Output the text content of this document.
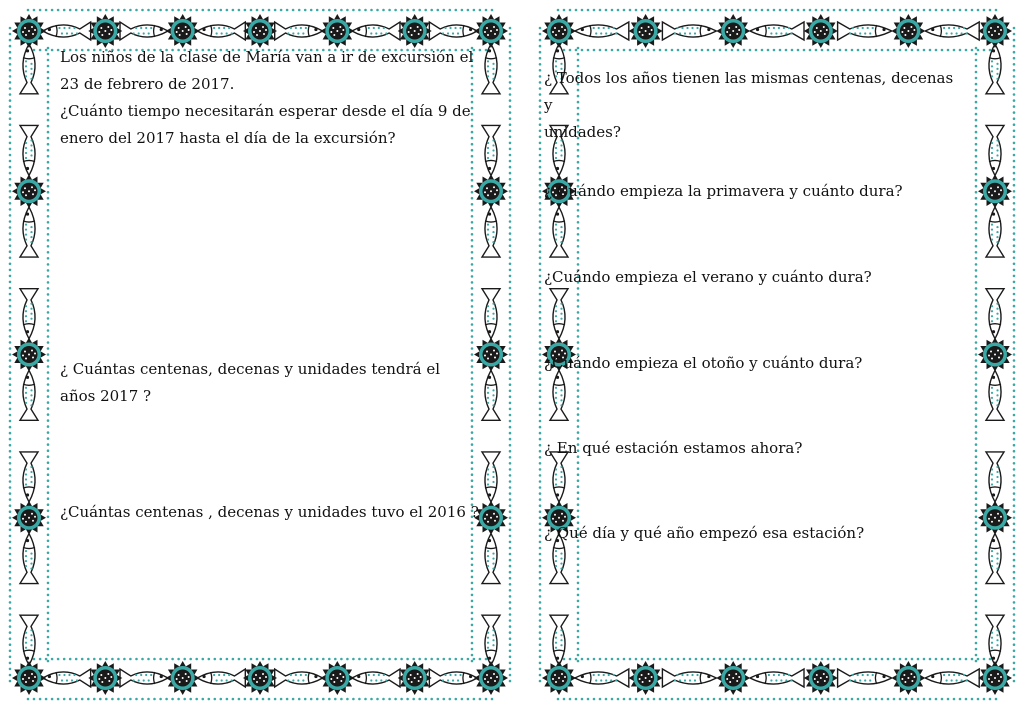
Los niños de la clase de María van a ir de excursión el
23 de febrero de 2017.
¿Cuánto tiempo necesitarán esperar desde el día 9 de
enero del 2017 hasta el día de la excursión?

¿ Cuántas centenas, decenas y unidades tendrá el
años 2017 ?

¿Cuántas centenas , decenas y unidades tuvo el 2016 ?

¿ Todos los años tienen las mismas centenas, decenas y
unidades?

¿ Cuándo empieza la primavera y cuánto dura?

¿Cuándo empieza el verano y cuánto dura?

¿Cuándo empieza el otoño y cuánto dura?

¿ En qué estación estamos ahora?

¿ Qué día y qué año empezó esa estación?
